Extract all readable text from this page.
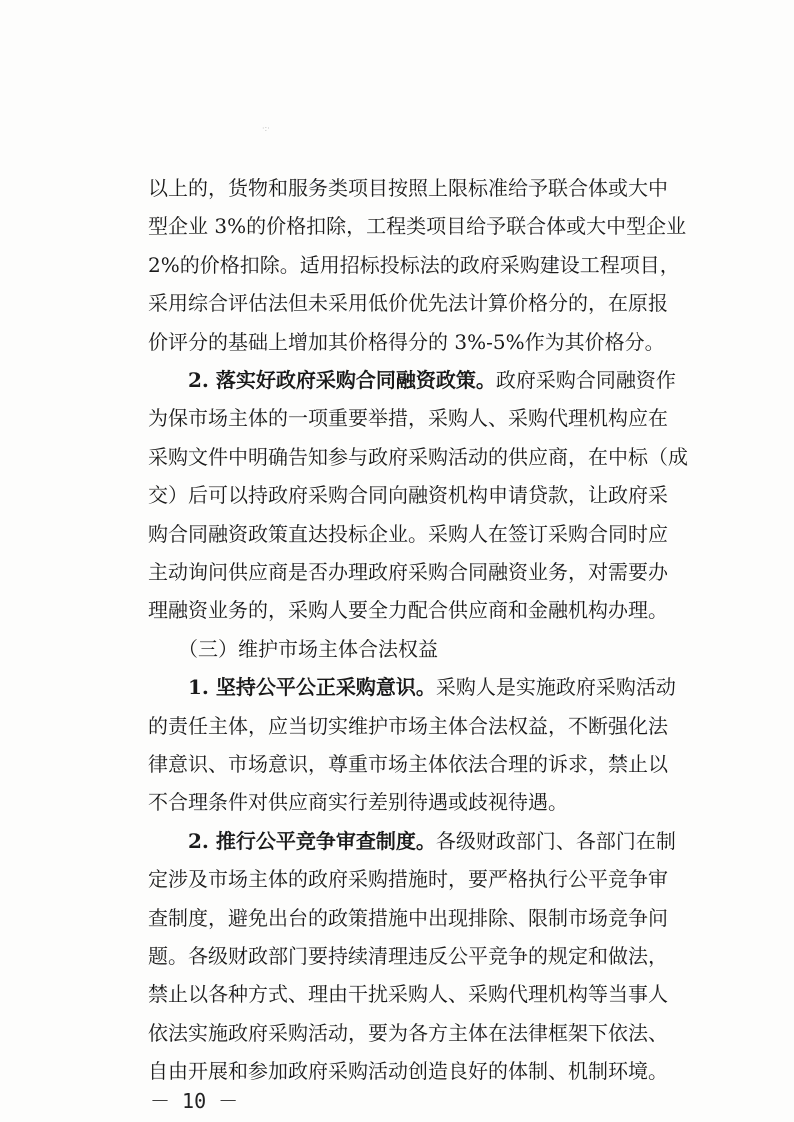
·:·
以上的，货物和服务类项目按照上限标准给予联合体或大中
型企业 3%的价格扣除，工程类项目给予联合体或大中型企业
2%的价格扣除。适用招标投标法的政府采购建设工程项目，
采用综合评估法但未采用低价优先法计算价格分的，在原报
价评分的基础上增加其价格得分的 3%-5%作为其价格分。
2. 落实好政府采购合同融资政策。政府采购合同融资作
为保市场主体的一项重要举措，采购人、采购代理机构应在
采购文件中明确告知参与政府采购活动的供应商，在中标（成
交）后可以持政府采购合同向融资机构申请贷款，让政府采
购合同融资政策直达投标企业。采购人在签订采购合同时应
主动询问供应商是否办理政府采购合同融资业务，对需要办
理融资业务的，采购人要全力配合供应商和金融机构办理。
（三）维护市场主体合法权益
1. 坚持公平公正采购意识。采购人是实施政府采购活动
的责任主体，应当切实维护市场主体合法权益，不断强化法
律意识、市场意识，尊重市场主体依法合理的诉求，禁止以
不合理条件对供应商实行差别待遇或歧视待遇。
2. 推行公平竞争审查制度。各级财政部门、各部门在制
定涉及市场主体的政府采购措施时，要严格执行公平竞争审
查制度，避免出台的政策措施中出现排除、限制市场竞争问
题。各级财政部门要持续清理违反公平竞争的规定和做法，
禁止以各种方式、理由干扰采购人、采购代理机构等当事人
依法实施政府采购活动，要为各方主体在法律框架下依法、
自由开展和参加政府采购活动创造良好的体制、机制环境。
－ 10 －
